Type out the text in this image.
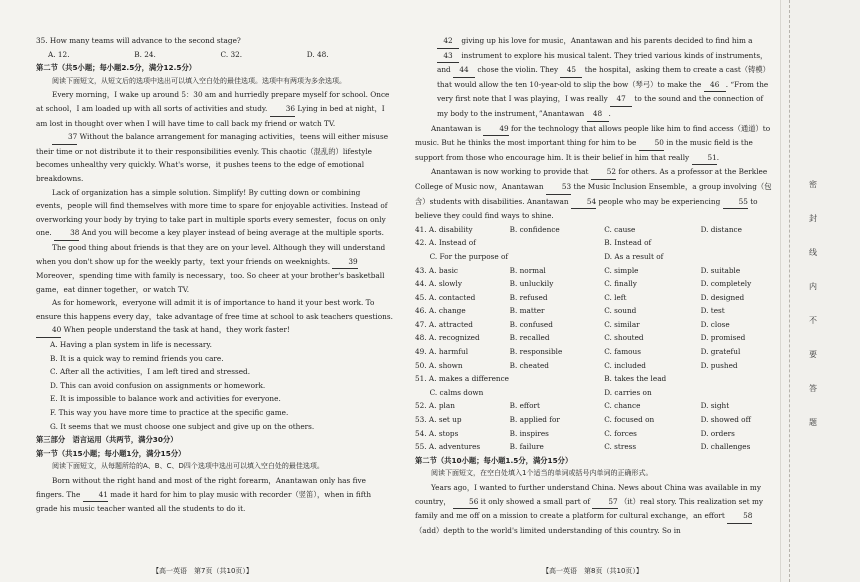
35. How many teams will advance to the second stage?

A. 12.	B. 24.	C. 32.	D. 48.

第二节（共5小题；每小题2.5分，满分12.5分）

阅读下面短文，从短文后的选项中选出可以填入空白处的最佳选项。选项中有两项为多余选项。

Every morning，I wake up around 5：30 am and hurriedly prepare myself for school. Once at school，I am loaded up with all sorts of activities and study.	36 Lying in bed at night，I am lost in thought over when I will have time to call back my friend or watch TV.

37 Without the balance arrangement for managing activities，teens will either misuse their time or not distribute it to their responsibilities evenly. This chaotic（混乱的）lifestyle becomes unhealthy very quickly. What's worse，it pushes teens to the edge of emotional breakdowns.

Lack of organization has a simple solution. Simplify! By cutting down or combining events，people will find themselves with more time to spare for enjoyable activities. Instead of overworking your body by trying to take part in multiple sports every semester，focus on only one.	38 And you will become a key player instead of being average at the multiple sports.

The good thing about friends is that they are on your level. Although they will understand when you don't show up for the weekly party，text your friends on weeknights.	39 Moreover，spending time with family is necessary，too. So cheer at your brother's basketball game，eat dinner together，or watch TV.

As for homework，everyone will admit it is of importance to hand it your best work. To ensure this happens every day，take advantage of free time at school to ask teachers questions. 40 When people understand the task at hand，they work faster!

A. Having a plan system in life is necessary.

B. It is a quick way to remind friends you care.

C. After all the activities，I am left tired and stressed.

D. This can avoid confusion on assignments or homework.

E. It is impossible to balance work and activities for everyone.

F. This way you have more time to practice at the specific game.

G. It seems that we must choose one subject and give up on the others.

第三部分　语言运用（共两节，满分30分）

第一节（共15小题；每小题1分，满分15分）

阅读下面短文，从每题所给的A、B、C、D四个选项中选出可以填入空白处的最佳选项。

Born without the right hand and most of the right forearm，Anantawan only has five fingers. The	41 made it hard for him to play music with recorder（竖笛），when in fifth grade his music teacher wanted all the students to do it.

【高一英语　第7页（共10页）】

42 giving up his love for music，Anantawan and his parents decided to find him a 43 instrument to explore his musical talent. They tried various kinds of instruments，and 44 chose the violin. They 45 the hospital，asking them to create a cast（铸模）that would allow the ten 10-year-old to slip the bow（琴弓）to make the 46 . “From the very first note that I was playing，I was really 47 to the sound and the connection of my body to the instrument，”Anantawan 48 .

Anantawan is	49 for the technology that allows people like him to find access（通道）to music. But he thinks the most important thing for him to be	50 in the music field is the support from those who encourage him. It is their belief in him that really	51.

Anantawan is now working to provide that	52 for others. As a professor at the Berklee College of Music now，Anantawan	53 the Music Inclusion Ensemble，a group involving（包含）students with disabilities. Anantawan	54 people who may be experiencing	55 to believe they could find ways to shine.

41. A. disability	B. confidence	C. cause	D. distance
42. A. Instead of	B. Instead of
　　C. For the purpose of	D. As a result of
43. A. basic	B. normal	C. simple	D. suitable
44. A. slowly	B. unluckily	C. finally	D. completely
45. A. contacted	B. refused	C. left	D. designed
46. A. change	B. matter	C. sound	D. test
47. A. attracted	B. confused	C. similar	D. close
48. A. recognized	B. recalled	C. shouted	D. promised
49. A. harmful	B. responsible	C. famous	D. grateful
50. A. shown	B. cheated	C. included	D. pushed
51. A. makes a difference	B. takes the lead
　　C. calms down	D. carries on
52. A. plan	B. effort	C. chance	D. sight
53. A. set up	B. applied for	C. focused on	D. showed off
54. A. stops	B. inspires	C. forces	D. orders
55. A. adventures	B. failure	C. stress	D. challenges

第二节（共10小题；每小题1.5分，满分15分）

阅读下面短文，在空白处填入1个适当的单词或括号内单词的正确形式。

Years ago，I wanted to further understand China. News about China was available in my country，	56 it only showed a small part of	57 （it）real story. This realization set my family and me off on a mission to create a platform for cultural exchange，an effort	58 （add）depth to the world's limited understanding of this country. So in

【高一英语　第8页（共10页）】
密
封
线
内
不
要
答
题
